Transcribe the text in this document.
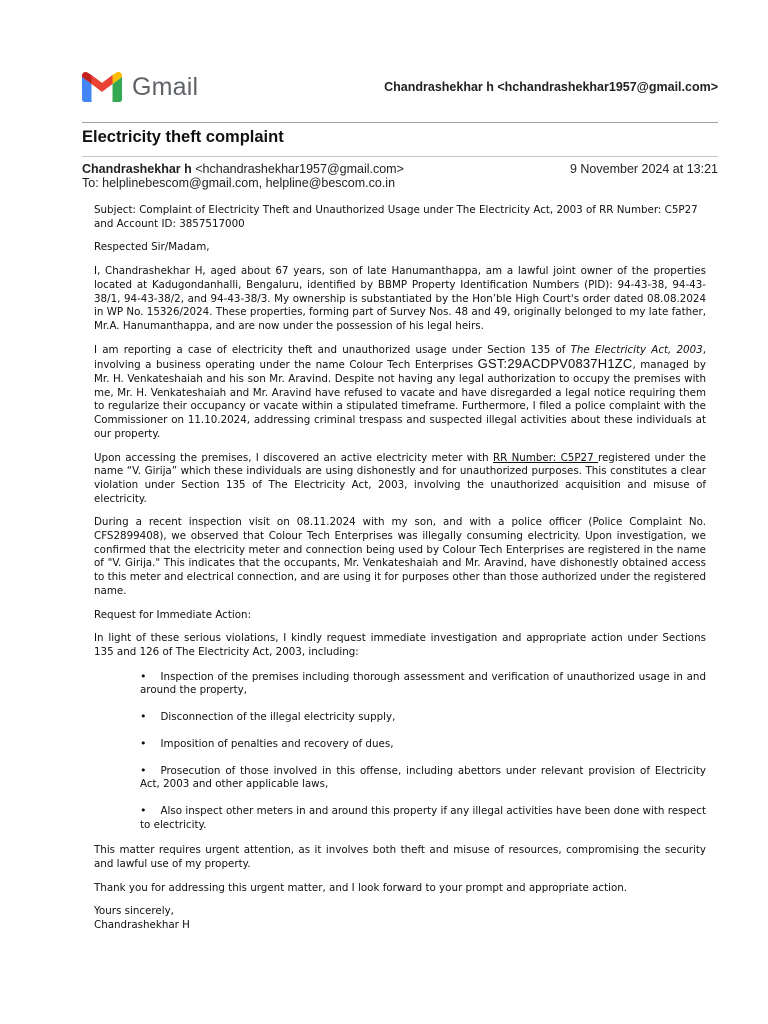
Gmail	Chandrashekhar h <hchandrashekhar1957@gmail.com>
Electricity theft complaint
Chandrashekhar h <hchandrashekhar1957@gmail.com>	9 November 2024 at 13:21
To: helplinebescom@gmail.com, helpline@bescom.co.in

Subject: Complaint of Electricity Theft and Unauthorized Usage under The Electricity Act, 2003 of RR Number: C5P27 and Account ID: 3857517000

Respected Sir/Madam,

I, Chandrashekhar H, aged about 67 years, son of late Hanumanthappa, am a lawful joint owner of the properties located at Kadugondanhalli, Bengaluru, identified by BBMP Property Identification Numbers (PID): 94-43-38, 94-43-38/1, 94-43-38/2, and 94-43-38/3. My ownership is substantiated by the Hon’ble High Court's order dated 08.08.2024 in WP No. 15326/2024. These properties, forming part of Survey Nos. 48 and 49, originally belonged to my late father, Mr.A. Hanumanthappa, and are now under the possession of his legal heirs.

I am reporting a case of electricity theft and unauthorized usage under Section 135 of The Electricity Act, 2003, involving a business operating under the name Colour Tech Enterprises GST:29ACDPV0837H1ZC, managed by Mr. H. Venkateshaiah and his son Mr. Aravind. Despite not having any legal authorization to occupy the premises with me, Mr. H. Venkateshaiah and Mr. Aravind have refused to vacate and have disregarded a legal notice requiring them to regularize their occupancy or vacate within a stipulated timeframe. Furthermore, I filed a police complaint with the Commissioner on 11.10.2024, addressing criminal trespass and suspected illegal activities about these individuals at our property.

Upon accessing the premises, I discovered an active electricity meter with RR Number: C5P27 registered under the name “V. Girija” which these individuals are using dishonestly and for unauthorized purposes. This constitutes a clear violation under Section 135 of The Electricity Act, 2003, involving the unauthorized acquisition and misuse of electricity.

During a recent inspection visit on 08.11.2024 with my son, and with a police officer (Police Complaint No. CFS2899408), we observed that Colour Tech Enterprises was illegally consuming electricity. Upon investigation, we confirmed that the electricity meter and connection being used by Colour Tech Enterprises are registered in the name of "V. Girija." This indicates that the occupants, Mr. Venkateshaiah and Mr. Aravind, have dishonestly obtained access to this meter and electrical connection, and are using it for purposes other than those authorized under the registered name.

Request for Immediate Action:

In light of these serious violations, I kindly request immediate investigation and appropriate action under Sections 135 and 126 of The Electricity Act, 2003, including:

• Inspection of the premises including thorough assessment and verification of unauthorized usage in and around the property,
• Disconnection of the illegal electricity supply,
• Imposition of penalties and recovery of dues,
• Prosecution of those involved in this offense, including abettors under relevant provision of Electricity Act, 2003 and other applicable laws,
• Also inspect other meters in and around this property if any illegal activities have been done with respect to electricity.

This matter requires urgent attention, as it involves both theft and misuse of resources, compromising the security and lawful use of my property.

Thank you for addressing this urgent matter, and I look forward to your prompt and appropriate action.

Yours sincerely,

Chandrashekhar H
